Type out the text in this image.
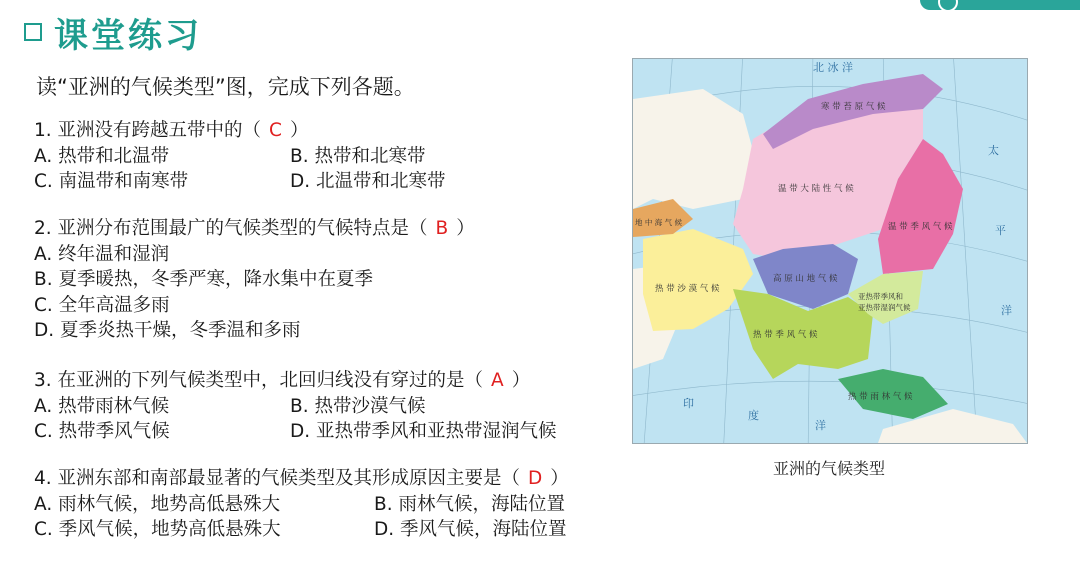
课堂练习
读“亚洲的气候类型”图，完成下列各题。
1. 亚洲没有跨越五带中的（ C ）
A. 热带和北温带	B. 热带和北寒带
C. 南温带和南寒带	D. 北温带和北寒带
2. 亚洲分布范围最广的气候类型的气候特点是（ B ）
A. 终年温和湿润
B. 夏季暖热，冬季严寒，降水集中在夏季
C. 全年高温多雨
D. 夏季炎热干燥，冬季温和多雨
3. 在亚洲的下列气候类型中，北回归线没有穿过的是（ A ）
A. 热带雨林气候	B. 热带沙漠气候
C. 热带季风气候	D. 亚热带季风和亚热带湿润气候
4. 亚洲东部和南部最显著的气候类型及其形成原因主要是（ D ）
A. 雨林气候，地势高低悬殊大	B. 雨林气候，海陆位置
C. 季风气候，地势高低悬殊大	D. 季风气候，海陆位置
北 冰 洋
寒 带 苔 原 气 候
温 带 大 陆 性 气 候
温 带 季 风 气 候
高 原 山 地 气 候
热 带 沙 漠 气 候
热 带 季 风 气 候
亚热带季风和
亚热带湿润气候
热 带 雨 林 气 候
地 中 海 气 候
太
平
洋
印
度
洋
亚洲的气候类型
